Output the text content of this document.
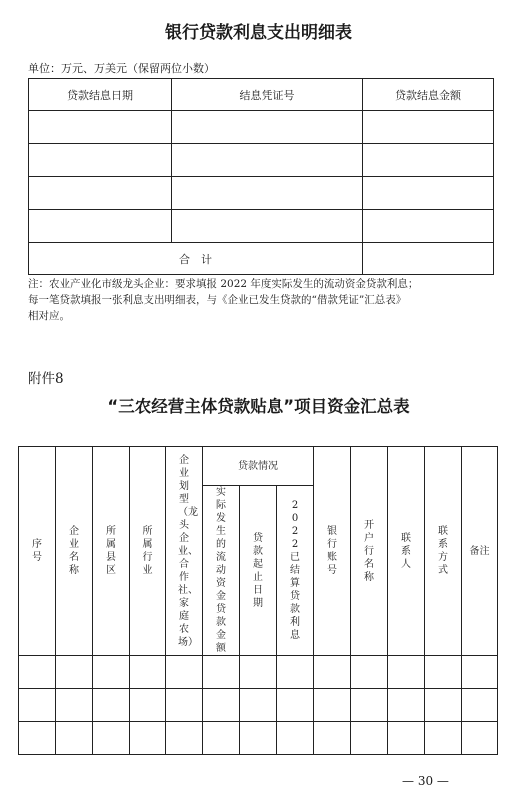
银行贷款利息支出明细表
单位：万元、万美元（保留两位小数）
贷款结息日期	结息凭证号	贷款结息金额

合　计		
注：农业产业化市级龙头企业：要求填报 2022 年度实际发生的流动资金贷款利息；
每一笔贷款填报一张利息支出明细表，与《企业已发生贷款的“借款凭证”汇总表》
相对应。
附件8
“三农经营主体贷款贴息”项目资金汇总表
序号	企业名称	所属县区	所属行业	企业划型（龙头企业、合作社、家庭农场）	贷款情况			银行账号	开户行名称	联系人	联系方式	备注
					实际发生的流动资金贷款金额	贷款起止日期	2022已结算贷款利息					

— 30 —
